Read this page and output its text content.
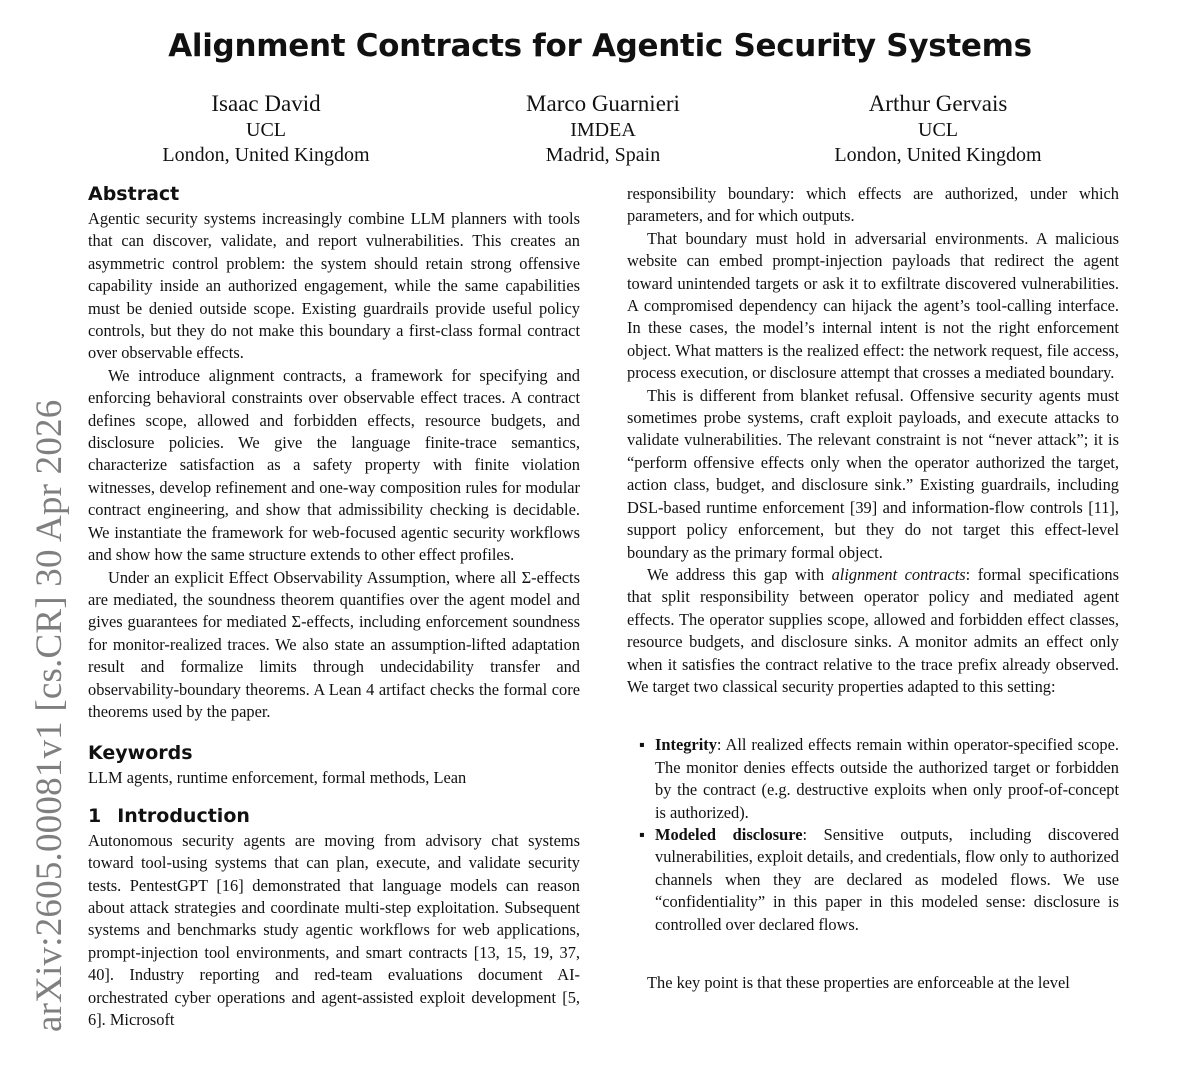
Alignment Contracts for Agentic Security Systems
Isaac David
UCL
London, United Kingdom
Marco Guarnieri
IMDEA
Madrid, Spain
Arthur Gervais
UCL
London, United Kingdom
arXiv:2605.00081v1 [cs.CR] 30 Apr 2026
Abstract

Agentic security systems increasingly combine LLM planners with tools that can discover, validate, and report vulnerabilities. This creates an asymmetric control problem: the system should retain strong offensive capability inside an authorized engagement, while the same capabilities must be denied outside scope. Existing guardrails provide useful policy controls, but they do not make this boundary a first-class formal contract over observable effects.

We introduce alignment contracts, a framework for specifying and enforcing behavioral constraints over observable effect traces. A contract defines scope, allowed and forbidden effects, resource budgets, and disclosure policies. We give the language finite-trace semantics, characterize satisfaction as a safety property with finite violation witnesses, develop refinement and one-way composition rules for modular contract engineering, and show that admissibility checking is decidable. We instantiate the framework for web-focused agentic security workflows and show how the same structure extends to other effect profiles.

Under an explicit Effect Observability Assumption, where all Σ-effects are mediated, the soundness theorem quantifies over the agent model and gives guarantees for mediated Σ-effects, including enforcement soundness for monitor-realized traces. We also state an assumption-lifted adaptation result and formalize limits through undecidability transfer and observability-boundary theorems. A Lean 4 artifact checks the formal core theorems used by the paper.

Keywords

LLM agents, runtime enforcement, formal methods, Lean

1 Introduction

Autonomous security agents are moving from advisory chat systems toward tool-using systems that can plan, execute, and validate security tests. PentestGPT [16] demonstrated that language models can reason about attack strategies and coordinate multi-step exploitation. Subsequent systems and benchmarks study agentic workflows for web applications, prompt-injection tool environments, and smart contracts [13, 15, 19, 37, 40]. Industry reporting and red-team evaluations document AI-orchestrated cyber operations and agent-assisted exploit development [5, 6]. Microsoft

responsibility boundary: which effects are authorized, under which parameters, and for which outputs.

That boundary must hold in adversarial environments. A malicious website can embed prompt-injection payloads that redirect the agent toward unintended targets or ask it to exfiltrate discovered vulnerabilities. A compromised dependency can hijack the agent’s tool-calling interface. In these cases, the model’s internal intent is not the right enforcement object. What matters is the realized effect: the network request, file access, process execution, or disclosure attempt that crosses a mediated boundary.

This is different from blanket refusal. Offensive security agents must sometimes probe systems, craft exploit payloads, and execute attacks to validate vulnerabilities. The relevant constraint is not “never attack”; it is “perform offensive effects only when the operator authorized the target, action class, budget, and disclosure sink.” Existing guardrails, including DSL-based runtime enforcement [39] and information-flow controls [11], support policy enforcement, but they do not target this effect-level boundary as the primary formal object.

We address this gap with alignment contracts: formal specifications that split responsibility between operator policy and mediated agent effects. The operator supplies scope, allowed and forbidden effect classes, resource budgets, and disclosure sinks. A monitor admits an effect only when it satisfies the contract relative to the trace prefix already observed. We target two classical security properties adapted to this setting:

▪ Integrity: All realized effects remain within operator-specified scope. The monitor denies effects outside the authorized target or forbidden by the contract (e.g. destructive exploits when only proof-of-concept is authorized).
▪ Modeled disclosure: Sensitive outputs, including discovered vulnerabilities, exploit details, and credentials, flow only to authorized channels when they are declared as modeled flows. We use “confidentiality” in this paper in this modeled sense: disclosure is controlled over declared flows.

The key point is that these properties are enforceable at the level
